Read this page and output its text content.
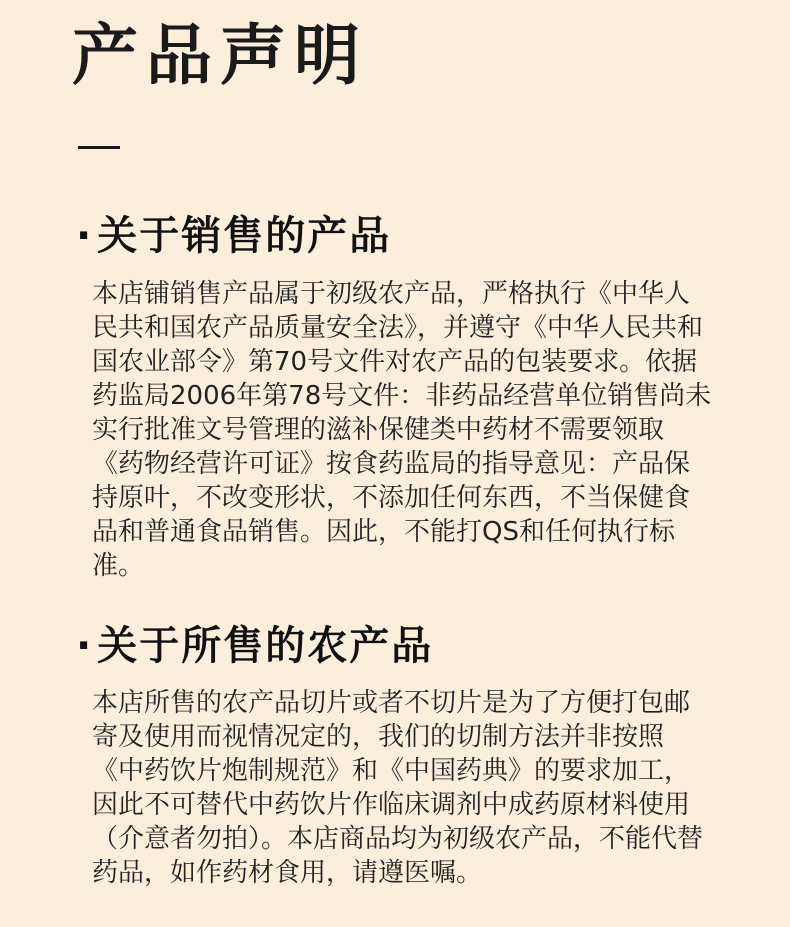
产品声明
· 关于销售的产品

本店铺销售产品属于初级农产品，严格执行《中华人民共和国农产品质量安全法》，并遵守《中华人民共和国农业部令》第70号文件对农产品的包装要求。依据药监局2006年第78号文件：非药品经营单位销售尚未实行批准文号管理的滋补保健类中药材不需要领取《药物经营许可证》按食药监局的指导意见：产品保持原叶，不改变形状，不添加任何东西，不当保健食品和普通食品销售。因此，不能打QS和任何执行标准。

· 关于所售的农产品

本店所售的农产品切片或者不切片是为了方便打包邮寄及使用而视情况定的，我们的切制方法并非按照《中药饮片炮制规范》和《中国药典》的要求加工，因此不可替代中药饮片作临床调剂中成药原材料使用（介意者勿拍）。本店商品均为初级农产品，不能代替药品，如作药材食用，请遵医嘱。
